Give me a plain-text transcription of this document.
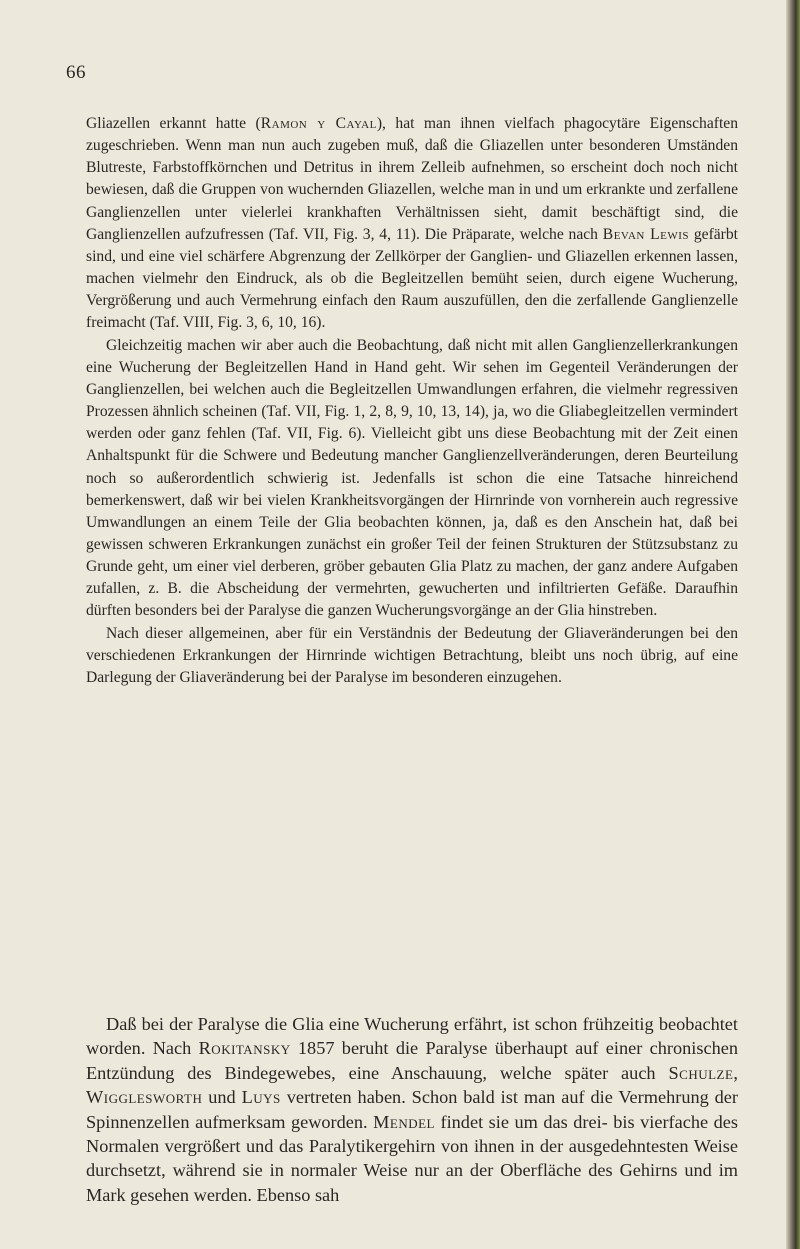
66

Gliazellen erkannt hatte (Ramon y Cayal), hat man ihnen vielfach phagocytäre Eigenschaften zugeschrieben. Wenn man nun auch zugeben muß, daß die Gliazellen unter besonderen Umständen Blutreste, Farbstoffkörnchen und Detritus in ihrem Zelleib aufnehmen, so erscheint doch noch nicht bewiesen, daß die Gruppen von wuchernden Gliazellen, welche man in und um erkrankte und zerfallene Ganglienzellen unter vielerlei krankhaften Verhältnissen sieht, damit beschäftigt sind, die Ganglienzellen aufzufressen (Taf. VII, Fig. 3, 4, 11). Die Präparate, welche nach Bevan Lewis gefärbt sind, und eine viel schärfere Abgrenzung der Zellkörper der Ganglien- und Gliazellen erkennen lassen, machen vielmehr den Eindruck, als ob die Begleitzellen bemüht seien, durch eigene Wucherung, Vergrößerung und auch Vermehrung einfach den Raum auszufüllen, den die zerfallende Ganglienzelle freimacht (Taf. VIII, Fig. 3, 6, 10, 16).

Gleichzeitig machen wir aber auch die Beobachtung, daß nicht mit allen Ganglienzellerkrankungen eine Wucherung der Begleitzellen Hand in Hand geht. Wir sehen im Gegenteil Veränderungen der Ganglienzellen, bei welchen auch die Begleitzellen Umwandlungen erfahren, die vielmehr regressiven Prozessen ähnlich scheinen (Taf. VII, Fig. 1, 2, 8, 9, 10, 13, 14), ja, wo die Gliabegleitzellen vermindert werden oder ganz fehlen (Taf. VII, Fig. 6). Vielleicht gibt uns diese Beobachtung mit der Zeit einen Anhaltspunkt für die Schwere und Bedeutung mancher Ganglienzellveränderungen, deren Beurteilung noch so außerordentlich schwierig ist. Jedenfalls ist schon die eine Tatsache hinreichend bemerkenswert, daß wir bei vielen Krankheitsvorgängen der Hirnrinde von vornherein auch regressive Umwandlungen an einem Teile der Glia beobachten können, ja, daß es den Anschein hat, daß bei gewissen schweren Erkrankungen zunächst ein großer Teil der feinen Strukturen der Stützsubstanz zu Grunde geht, um einer viel derberen, gröber gebauten Glia Platz zu machen, der ganz andere Aufgaben zufallen, z. B. die Abscheidung der vermehrten, gewucherten und infiltrierten Gefäße. Daraufhin dürften besonders bei der Paralyse die ganzen Wucherungsvorgänge an der Glia hinstreben.

Nach dieser allgemeinen, aber für ein Verständnis der Bedeutung der Gliaveränderungen bei den verschiedenen Erkrankungen der Hirnrinde wichtigen Betrachtung, bleibt uns noch übrig, auf eine Darlegung der Gliaveränderung bei der Paralyse im besonderen einzugehen.

Daß bei der Paralyse die Glia eine Wucherung erfährt, ist schon frühzeitig beobachtet worden. Nach Rokitansky 1857 beruht die Paralyse überhaupt auf einer chronischen Entzündung des Bindegewebes, eine Anschauung, welche später auch Schulze, Wigglesworth und Luys vertreten haben. Schon bald ist man auf die Vermehrung der Spinnenzellen aufmerksam geworden. Mendel findet sie um das drei- bis vierfache des Normalen vergrößert und das Paralytikergehirn von ihnen in der ausgedehntesten Weise durchsetzt, während sie in normaler Weise nur an der Oberfläche des Gehirns und im Mark gesehen werden. Ebenso sah
